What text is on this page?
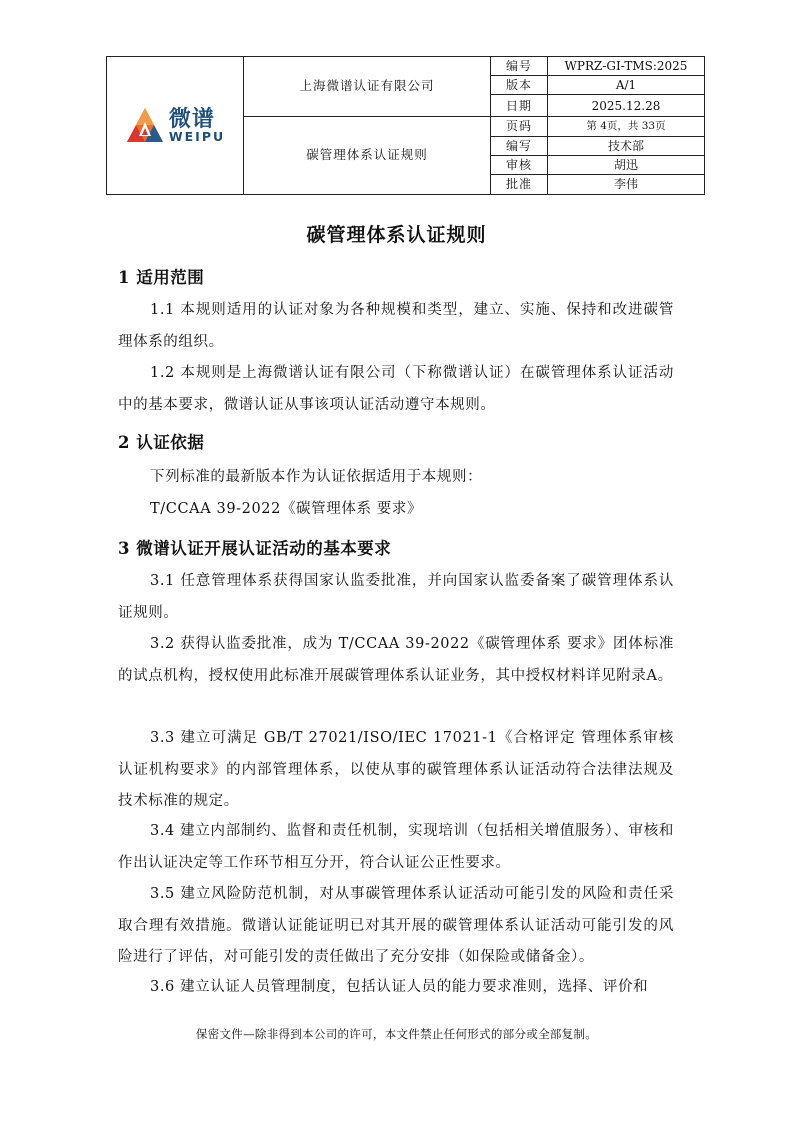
微谱
WEIPU	上海微谱认证有限公司	编号	WPRZ-GI-TMS:2025
		版本	A/1
		日期	2025.12.28
	碳管理体系认证规则	页码	第 4页，共 33页
		编写	技术部
		审核	胡迅
		批准	李伟
碳管理体系认证规则
1 适用范围
1.1 本规则适用的认证对象为各种规模和类型，建立、实施、保持和改进碳管理体系的组织。
1.2 本规则是上海微谱认证有限公司（下称微谱认证）在碳管理体系认证活动中的基本要求，微谱认证从事该项认证活动遵守本规则。
2 认证依据
下列标准的最新版本作为认证依据适用于本规则：
T/CCAA 39-2022《碳管理体系 要求》
3 微谱认证开展认证活动的基本要求
3.1 任意管理体系获得国家认监委批准，并向国家认监委备案了碳管理体系认证规则。
3.2 获得认监委批准，成为 T/CCAA 39-2022《碳管理体系 要求》团体标准的试点机构，授权使用此标准开展碳管理体系认证业务，其中授权材料详见附录A。
3.3 建立可满足 GB/T 27021/ISO/IEC 17021-1《合格评定 管理体系审核认证机构要求》的内部管理体系，以使从事的碳管理体系认证活动符合法律法规及技术标准的规定。
3.4 建立内部制约、监督和责任机制，实现培训（包括相关增值服务）、审核和作出认证决定等工作环节相互分开，符合认证公正性要求。
3.5 建立风险防范机制，对从事碳管理体系认证活动可能引发的风险和责任采取合理有效措施。微谱认证能证明已对其开展的碳管理体系认证活动可能引发的风险进行了评估，对可能引发的责任做出了充分安排（如保险或储备金）。
3.6 建立认证人员管理制度，包括认证人员的能力要求准则，选择、评价和
保密文件—除非得到本公司的许可，本文件禁止任何形式的部分或全部复制。
